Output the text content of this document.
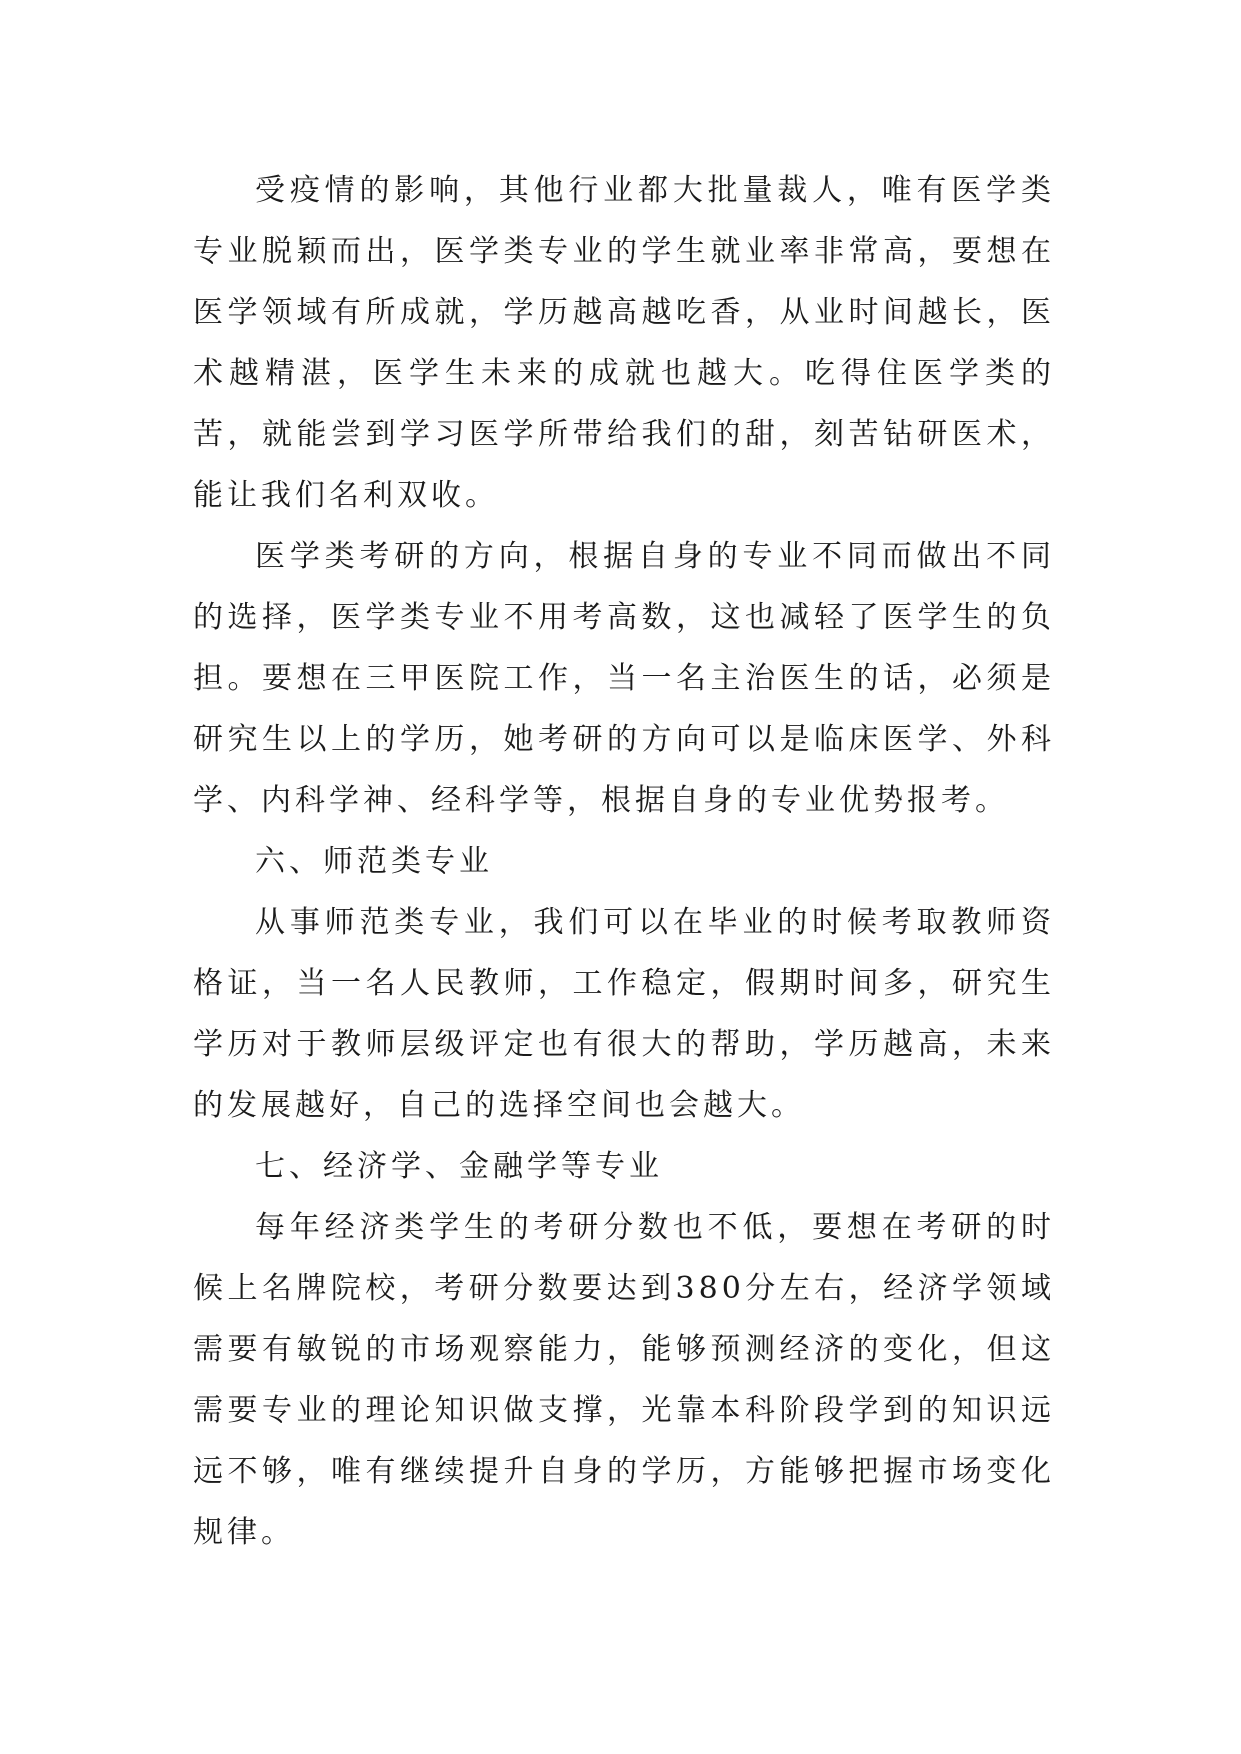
受疫情的影响，其他行业都大批量裁人，唯有医学类专业脱颖而出，医学类专业的学生就业率非常高，要想在医学领域有所成就，学历越高越吃香，从业时间越长，医术越精湛，医学生未来的成就也越大。吃得住医学类的苦，就能尝到学习医学所带给我们的甜，刻苦钻研医术，能让我们名利双收。

医学类考研的方向，根据自身的专业不同而做出不同的选择，医学类专业不用考高数，这也减轻了医学生的负担。要想在三甲医院工作，当一名主治医生的话，必须是研究生以上的学历，她考研的方向可以是临床医学、外科学、内科学神、经科学等，根据自身的专业优势报考。

六、师范类专业

从事师范类专业，我们可以在毕业的时候考取教师资格证，当一名人民教师，工作稳定，假期时间多，研究生学历对于教师层级评定也有很大的帮助，学历越高，未来的发展越好，自己的选择空间也会越大。

七、经济学、金融学等专业

每年经济类学生的考研分数也不低，要想在考研的时候上名牌院校，考研分数要达到380分左右，经济学领域需要有敏锐的市场观察能力，能够预测经济的变化，但这需要专业的理论知识做支撑，光靠本科阶段学到的知识远远不够，唯有继续提升自身的学历，方能够把握市场变化规律。
